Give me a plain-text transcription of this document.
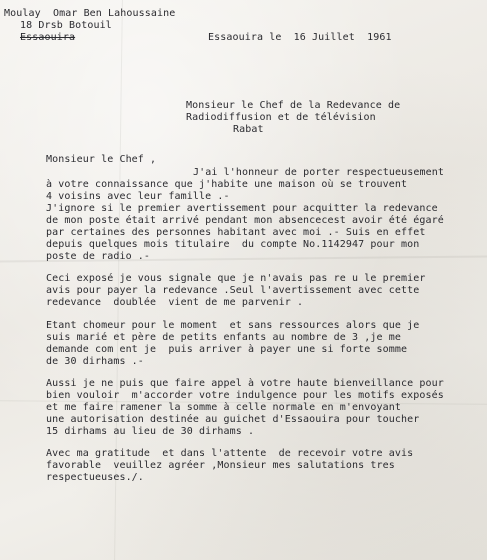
Moulay  Omar Ben Lahoussaine
18 Drsb Botouil
Essaouira	Essaouira le  16 Juillet  1961
Monsieur le Chef de la Redevance de
Radiodiffusion et de télévision
Rabat
Monsieur le Chef ,
J'ai l'honneur de porter respectueusement
à votre connaissance que j'habite une maison où se trouvent
4 voisins avec leur famille .-
J'ignore si le premier avertissement pour acquitter la redevance
de mon poste était arrivé pendant mon absencecest avoir été égaré
par certaines des personnes habitant avec moi .- Suis en effet
depuis quelques mois titulaire  du compte No.1142947 pour mon
poste de radio .-
Ceci exposé je vous signale que je n'avais pas re u le premier
avis pour payer la redevance .Seul l'avertissement avec cette
redevance  doublée  vient de me parvenir .
Etant chomeur pour le moment  et sans ressources alors que je
suis marié et père de petits enfants au nombre de 3 ,je me
demande com ent je  puis arriver à payer une si forte somme
de 30 dirhams .-
Aussi je ne puis que faire appel à votre haute bienveillance pour
bien vouloir  m'accorder votre indulgence pour les motifs exposés
et me faire ramener la somme à celle normale en m'envoyant
une autorisation destinée au guichet d'Essaouira pour toucher
15 dirhams au lieu de 30 dirhams .
Avec ma gratitude  et dans l'attente  de recevoir votre avis
favorable  veuillez agréer ,Monsieur mes salutations tres
respectueuses./.
